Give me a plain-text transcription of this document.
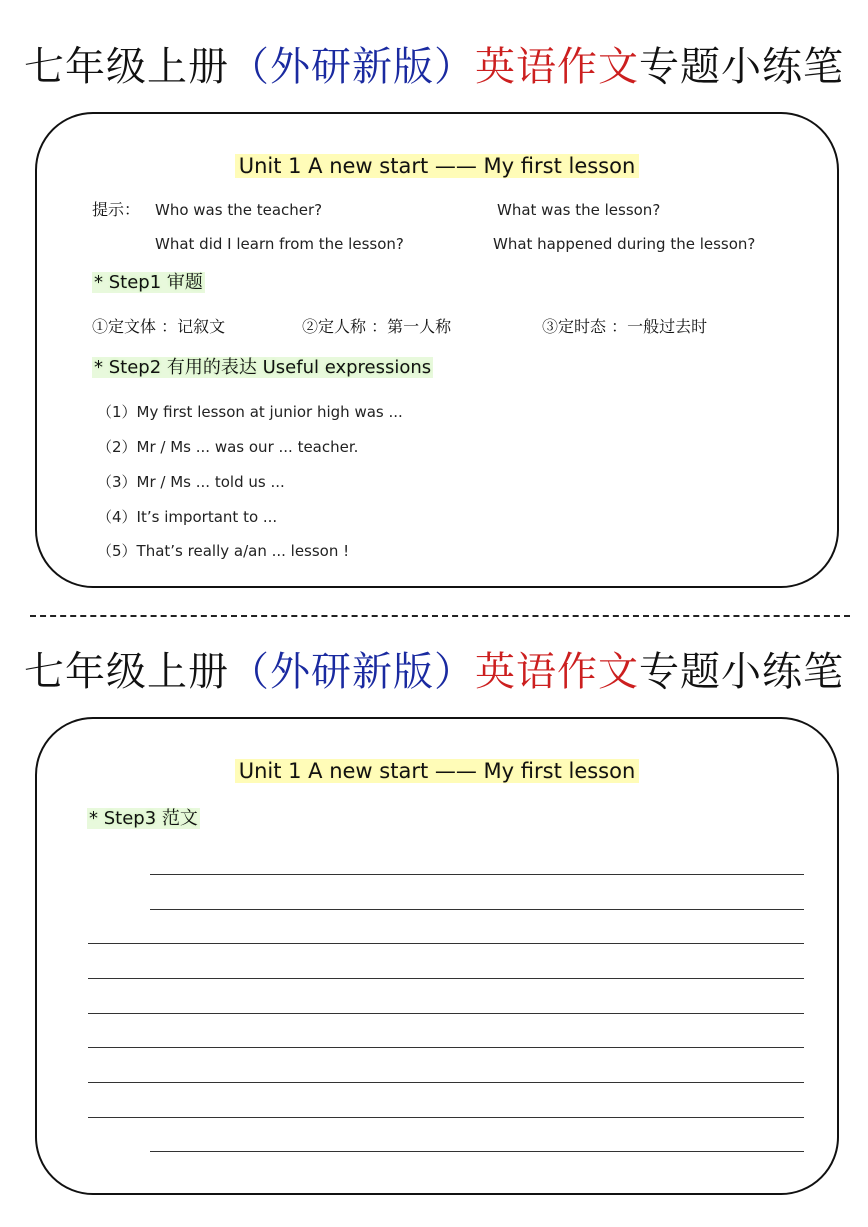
七年级上册（外研新版）英语作文专题小练笔
Unit 1 A new start —— My first lesson
提示： Who was the teacher?	What was the lesson?
What did I learn from the lesson?	What happened during the lesson?
* Step1 审题
①定文体 ：记叙文	②定人称 ：第一人称	③定时态 ：一般过去时
* Step2 有用的表达 Useful expressions
（1）My first lesson at junior high was ...
（2）Mr / Ms ... was our ... teacher.
（3）Mr / Ms ... told us ...
（4）It’s important to ...
（5）That’s really a/an ... lesson !
七年级上册（外研新版）英语作文专题小练笔
Unit 1 A new start —— My first lesson
* Step3 范文
